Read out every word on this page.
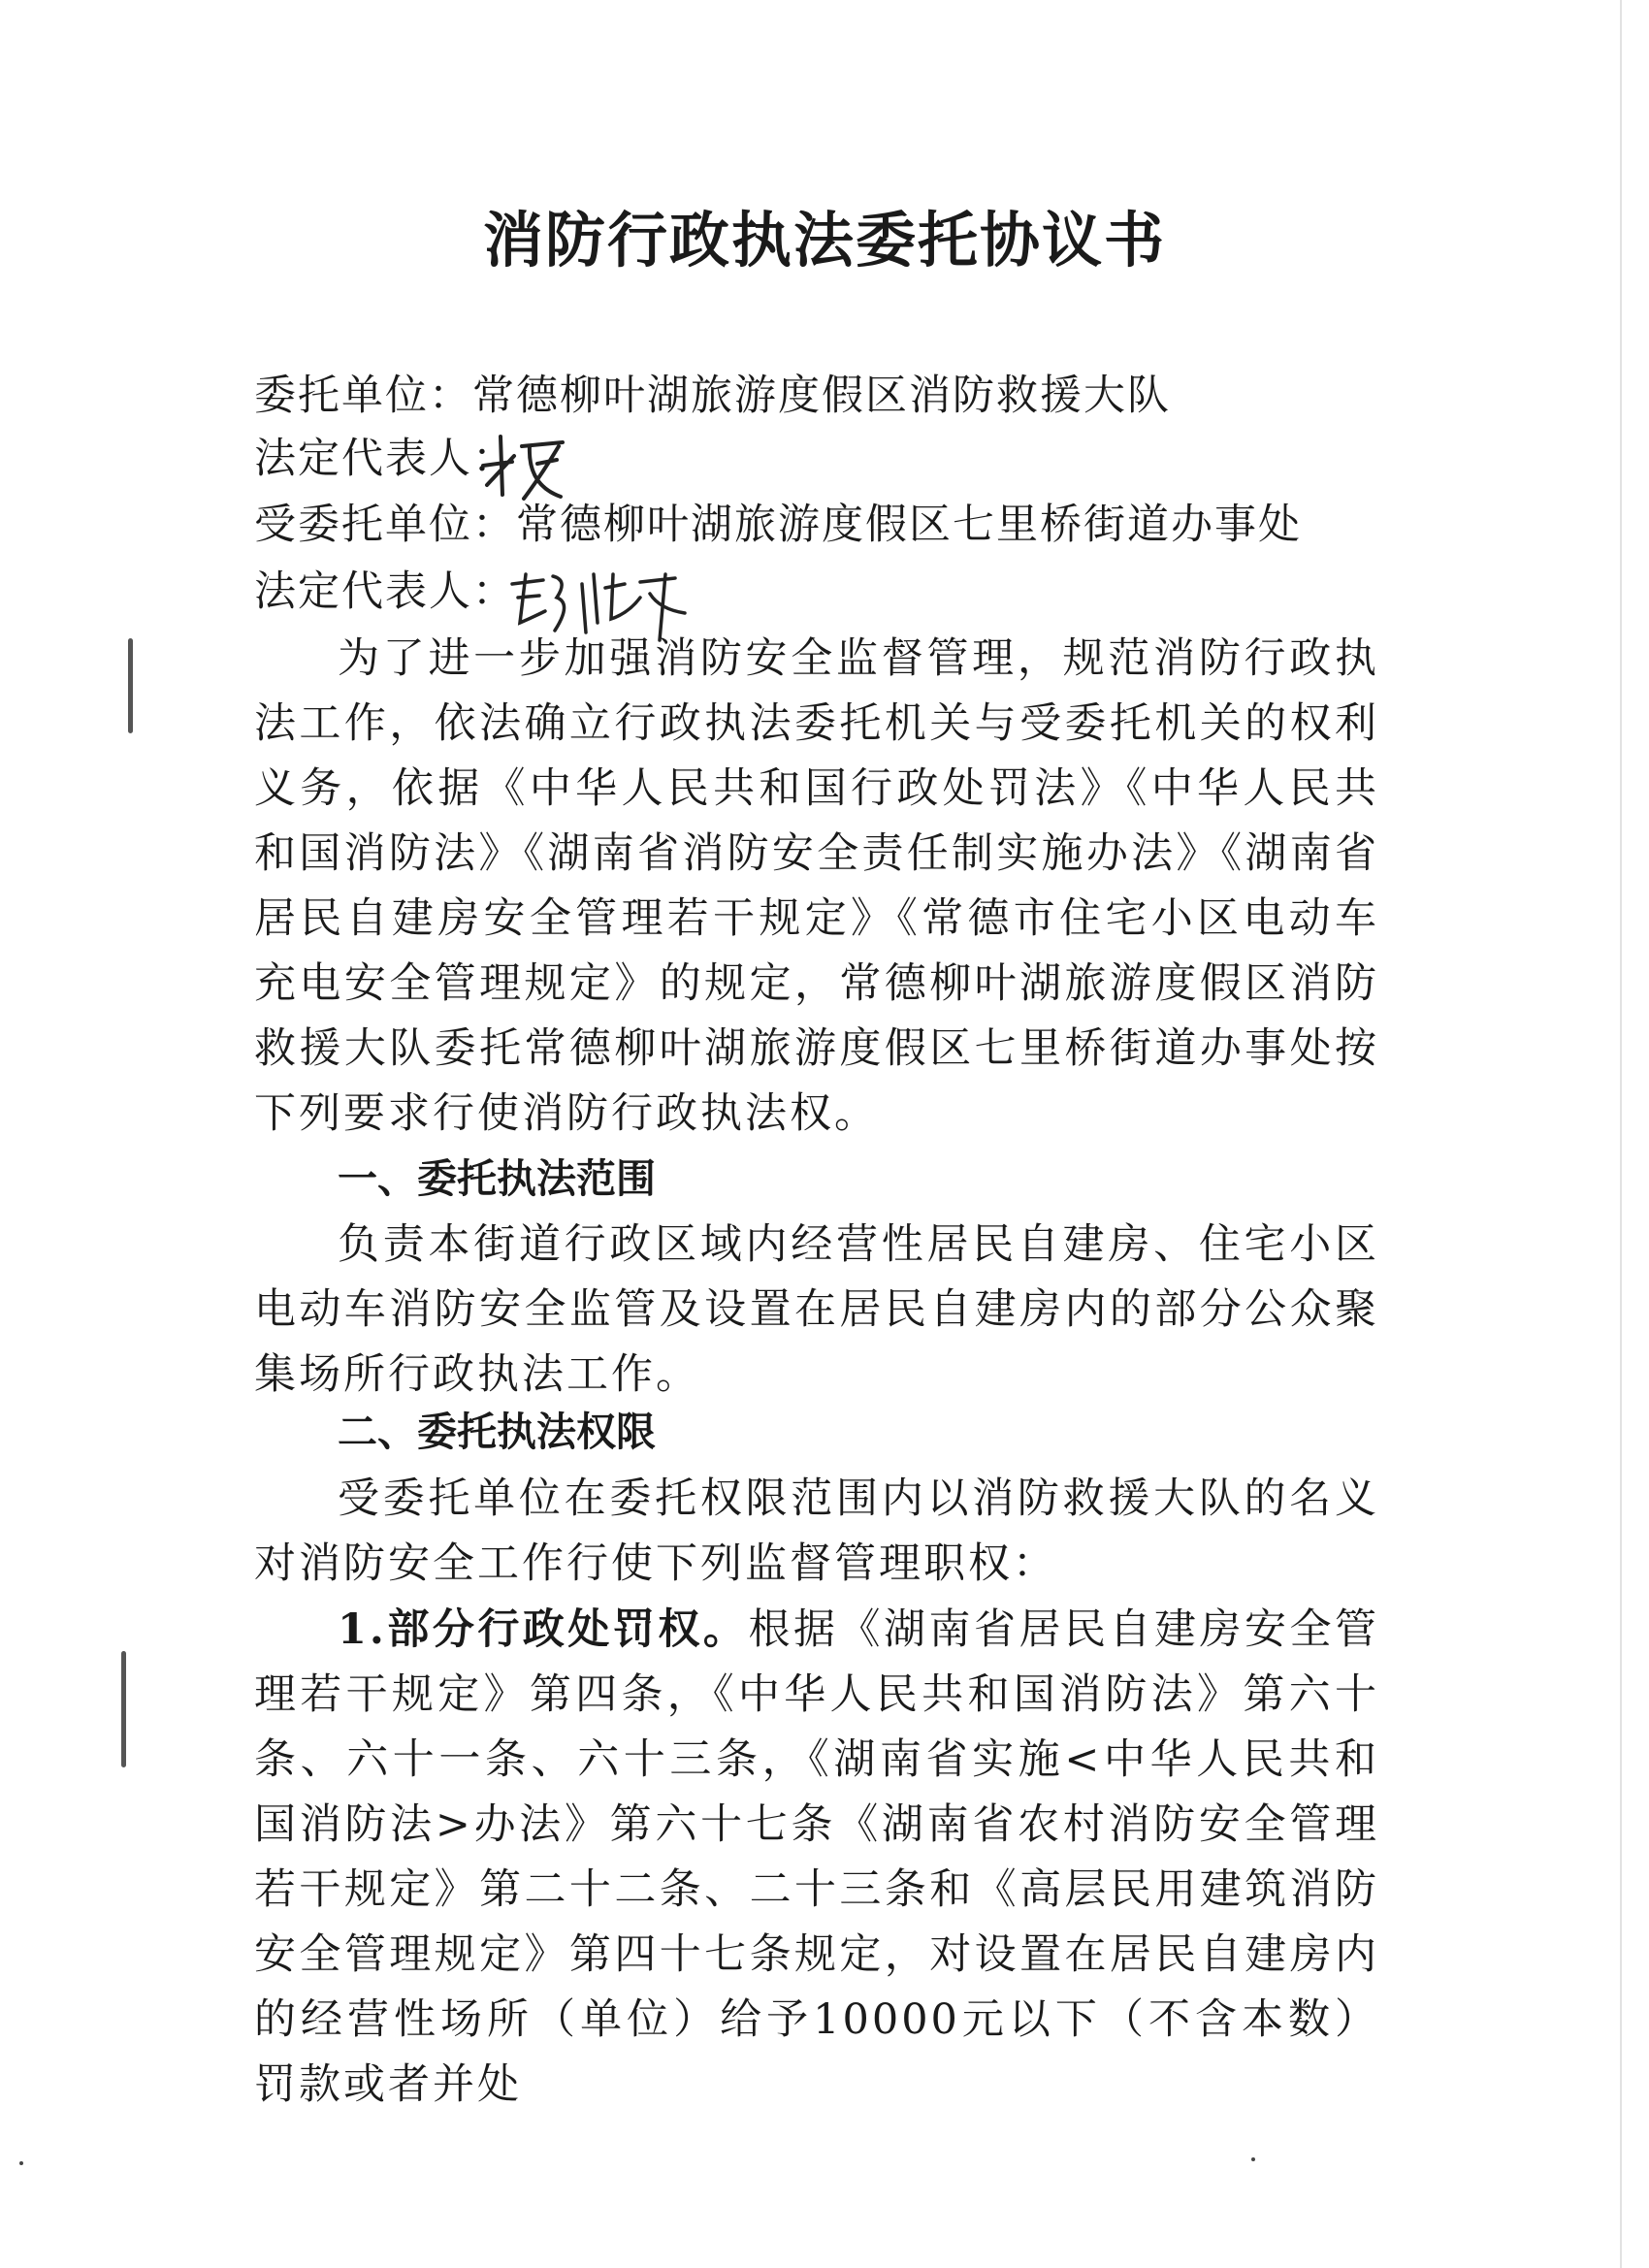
消防行政执法委托协议书
委托单位：常德柳叶湖旅游度假区消防救援大队
法定代表人：
受委托单位：常德柳叶湖旅游度假区七里桥街道办事处
法定代表人：
为了进一步加强消防安全监督管理，规范消防行政执法工作，依法确立行政执法委托机关与受委托机关的权利义务，依据《中华人民共和国行政处罚法》《中华人民共和国消防法》《湖南省消防安全责任制实施办法》《湖南省居民自建房安全管理若干规定》《常德市住宅小区电动车充电安全管理规定》的规定，常德柳叶湖旅游度假区消防救援大队委托常德柳叶湖旅游度假区七里桥街道办事处按下列要求行使消防行政执法权。
一、委托执法范围
负责本街道行政区域内经营性居民自建房、住宅小区电动车消防安全监管及设置在居民自建房内的部分公众聚集场所行政执法工作。
二、委托执法权限
受委托单位在委托权限范围内以消防救援大队的名义对消防安全工作行使下列监督管理职权：
1.部分行政处罚权。根据《湖南省居民自建房安全管理若干规定》第四条，《中华人民共和国消防法》第六十条、六十一条、六十三条，《湖南省实施<中华人民共和国消防法>办法》第六十七条《湖南省农村消防安全管理若干规定》第二十二条、二十三条和《高层民用建筑消防安全管理规定》第四十七条规定，对设置在居民自建房内的经营性场所（单位）给予10000元以下（不含本数）罚款或者并处
